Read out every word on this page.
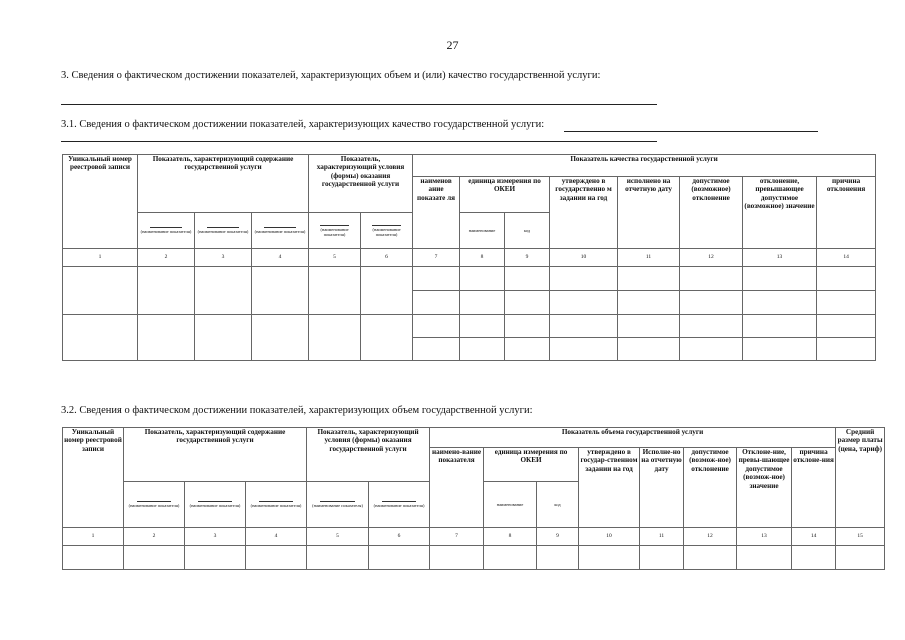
27
3. Сведения о фактическом достижении показателей, характеризующих объем и (или) качество государственной услуги:
3.1. Сведения о фактическом достижении показателей, характеризующих качество государственной услуги:
Уникальный номер реестровой записи	Показатель, характеризующий содержание государственной услуги			Показатель, характеризующий условия (формы) оказания государственной услуги		Показатель качества государственной услуги							
						наименов ание показате ля	единица измерения по ОКЕИ		утверждено в государственно м задании на год	исполнено на отчетную дату	допустимое (возможное) отклонение	отклонение, превышающее допустимое (возможное) значение	причина отклонения

(наименование показателя)	(наименование показателя)	(наименование показателя)	(наименование показателя)	(наименование показателя)		наименование	код					
1	2	3	4	5	6	7	8	9	10	11	12	13	14

3.2. Сведения о фактическом достижении показателей, характеризующих объем государственной услуги:
Уникальный номер реестровой записи	Показатель, характеризующий содержание государственной услуги			Показатель, характеризующий условия (формы) оказания государственной услуги		Показатель объема государственной услуги								Средний размер платы (цена, тариф)
						наимено-вание показателя	единица измерения по ОКЕИ		утверждено в государ-ственном задании на год	Исполне-но на отчетную дату	допустимое (возмож-ное) отклонение	Отклоне-ние, превы-шающее допустимое (возмож-ное) значение	причина отклоне-ния	

(наименование показателя)	(наименование показателя)	(наименование показателя)	(наименование показателя)	(наименование показателя)		наименование	код						
1	2	3	4	5	6	7	8	9	10	11	12	13	14	15
